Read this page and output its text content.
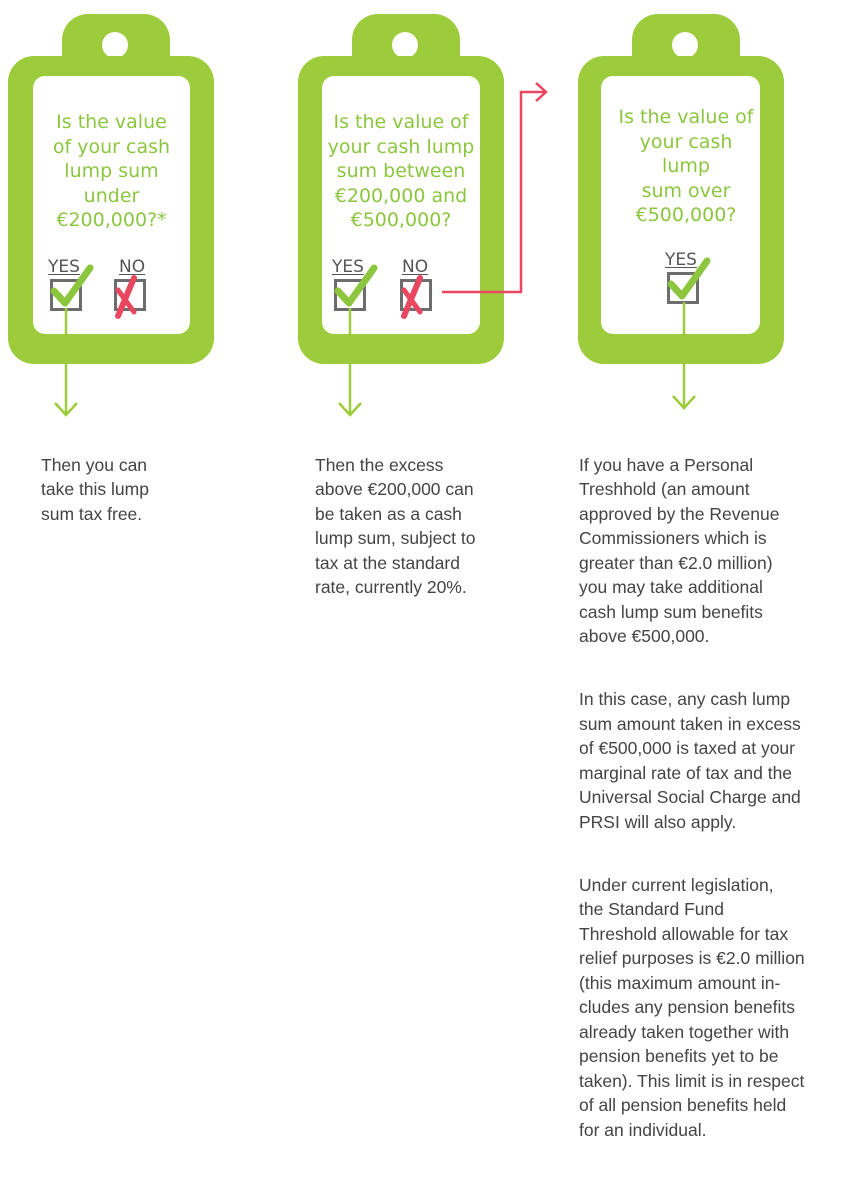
Is the value
of your cash
lump sum
under
€200,000?*
YES NO
Is the value of
your cash lump
sum between
€200,000 and
€500,000?
YES NO
Is the value of
your cash
lump
sum over
€500,000?
YES

Then you can
take this lump
sum tax free.

Then the excess
above €200,000 can
be taken as a cash
lump sum, subject to
tax at the standard
rate, currently 20%.

If you have a Personal
Treshhold (an amount
approved by the Revenue
Commissioners which is
greater than €2.0 million)
you may take additional
cash lump sum benefits
above €500,000.

In this case, any cash lump
sum amount taken in excess
of €500,000 is taxed at your
marginal rate of tax and the
Universal Social Charge and
PRSI will also apply.

Under current legislation,
the Standard Fund
Threshold allowable for tax
relief purposes is €2.0 million
(this maximum amount in-
cludes any pension benefits
already taken together with
pension benefits yet to be
taken). This limit is in respect
of all pension benefits held
for an individual.
